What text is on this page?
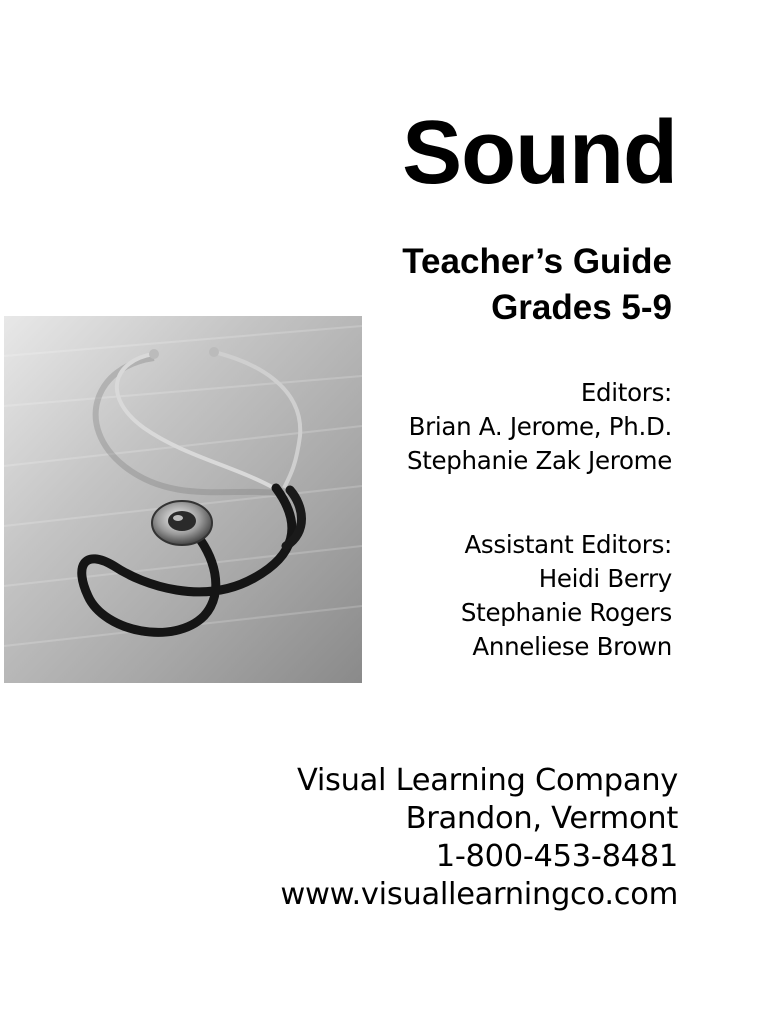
Sound
Teacher’s Guide
Grades 5-9
Editors:
Brian A. Jerome, Ph.D.
Stephanie Zak Jerome
Assistant Editors:
Heidi Berry
Stephanie Rogers
Anneliese Brown
Visual Learning Company
Brandon, Vermont
1-800-453-8481
www.visuallearningco.com
